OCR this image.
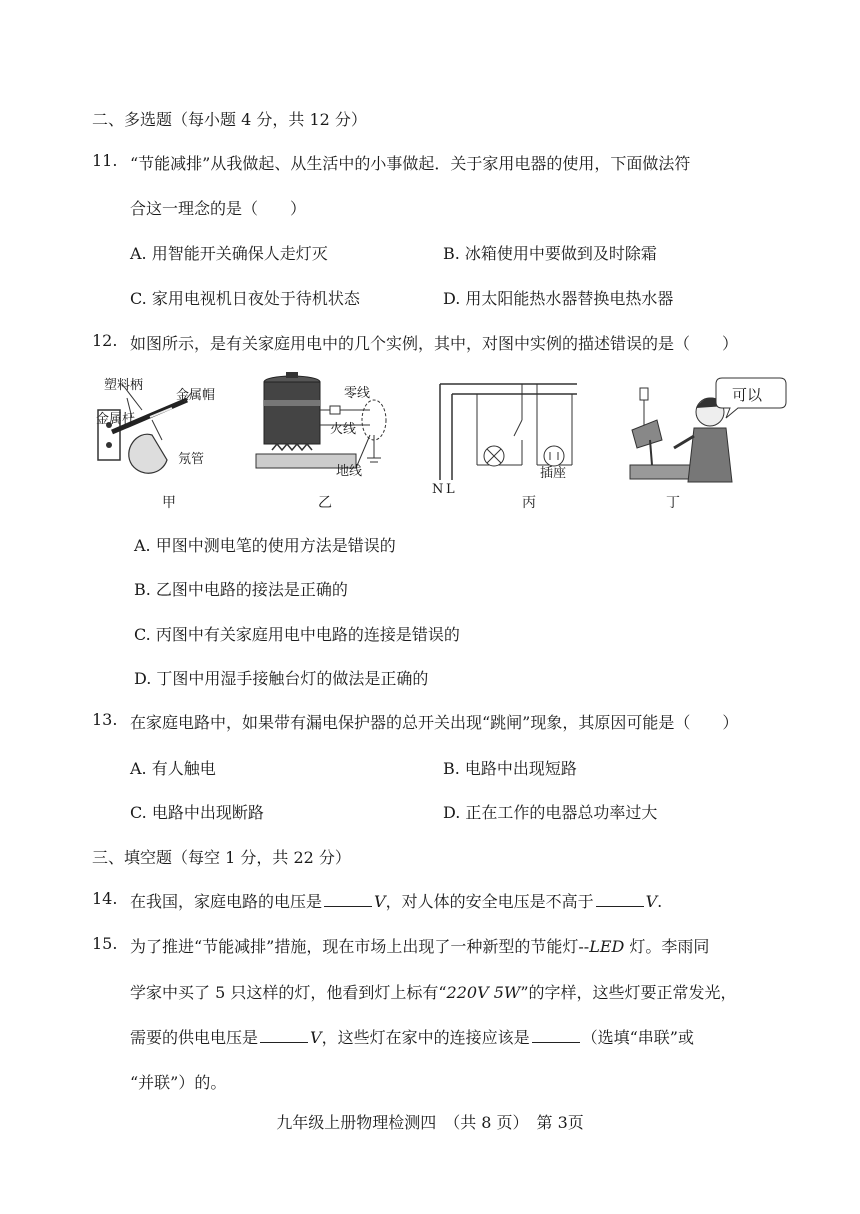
二、多选题（每小题 4 分，共 12 分）
11. “节能减排”从我做起、从生活中的小事做起．关于家用电器的使用，下面做法符
合这一理念的是（　　）
A. 用智能开关确保人走灯灭	B. 冰箱使用中要做到及时除霜
C. 家用电视机日夜处于待机状态	D. 用太阳能热水器替换电热水器
12. 如图所示，是有关家庭用电中的几个实例，其中，对图中实例的描述错误的是（　　）
塑料柄
金属帽
金属杆
氖管
甲
零线
火线
地线
乙
N L
插座
丙
可以
丁
A. 甲图中测电笔的使用方法是错误的
B. 乙图中电路的接法是正确的
C. 丙图中有关家庭用电中电路的连接是错误的
D. 丁图中用湿手接触台灯的做法是正确的
13. 在家庭电路中，如果带有漏电保护器的总开关出现“跳闸”现象，其原因可能是（　　）
A. 有人触电	B. 电路中出现短路
C. 电路中出现断路	D. 正在工作的电器总功率过大
三、填空题（每空 1 分，共 22 分）
14. 在我国，家庭电路的电压是	V，对人体的安全电压是不高于	V.
15. 为了推进“节能减排”措施，现在市场上出现了一种新型的节能灯--LED 灯。李雨同
学家中买了 5 只这样的灯，他看到灯上标有“220V 5W”的字样，这些灯要正常发光，
需要的供电电压是	V，这些灯在家中的连接应该是	（选填“串联”或
“并联”）的。
九年级上册物理检测四　（共 8 页）　第 3页
